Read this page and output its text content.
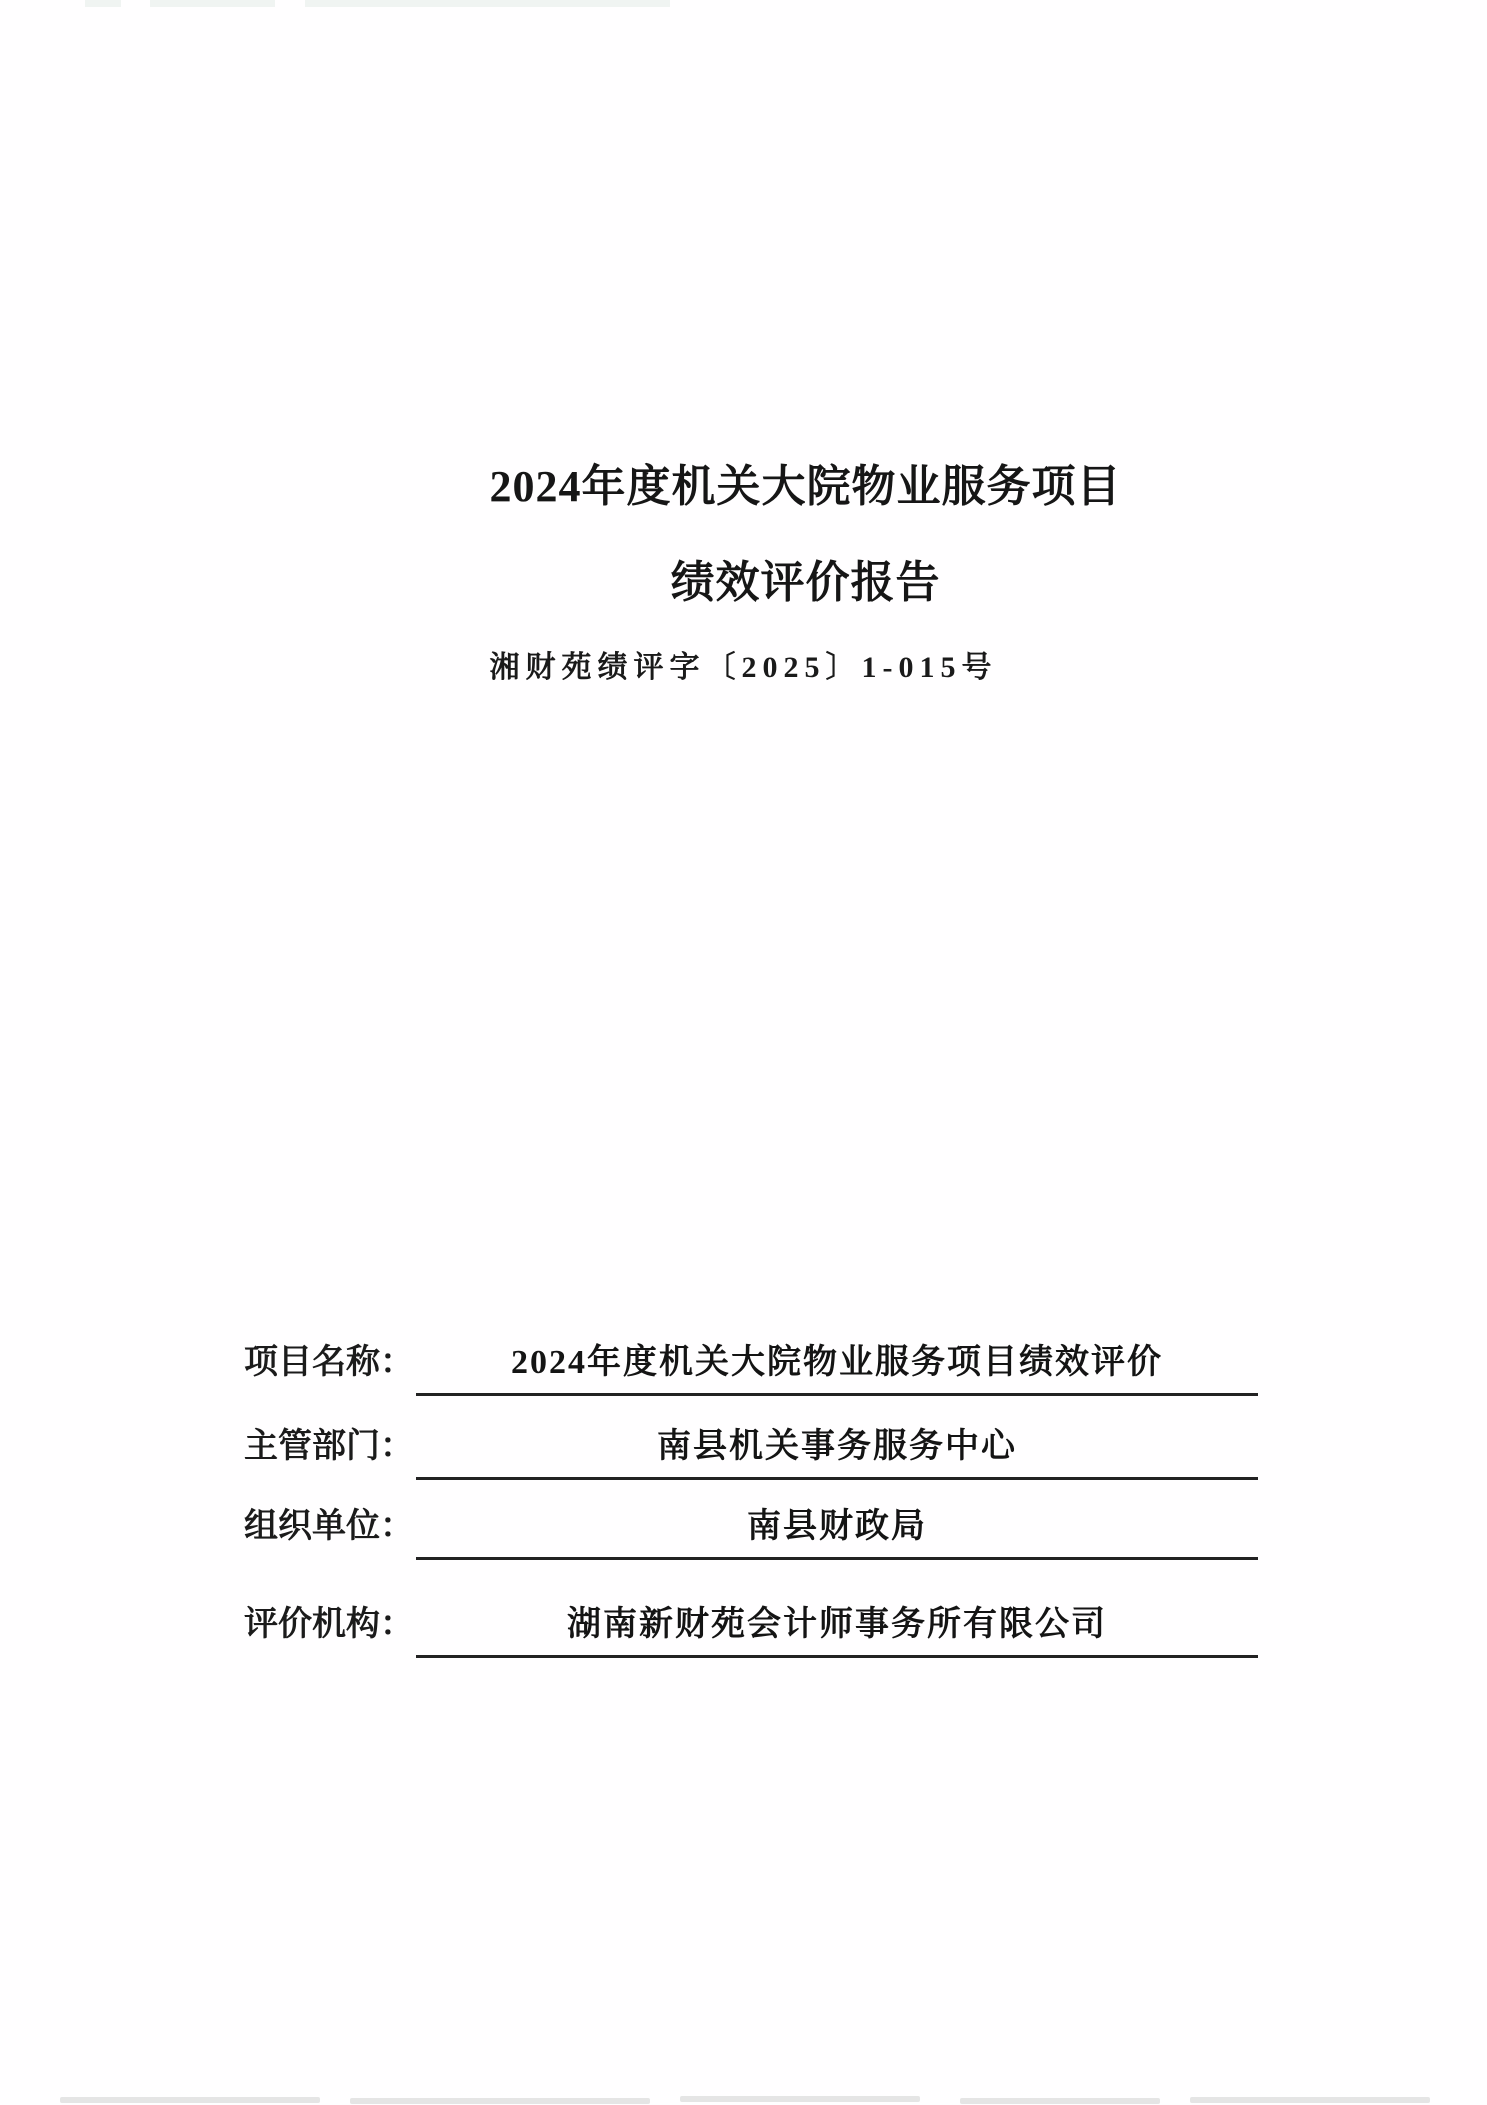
2024年度机关大院物业服务项目
绩效评价报告
湘财苑绩评字〔2025〕1-015号
项目名称：	2024年度机关大院物业服务项目绩效评价
主管部门：	南县机关事务服务中心
组织单位：	南县财政局
评价机构：	湖南新财苑会计师事务所有限公司
